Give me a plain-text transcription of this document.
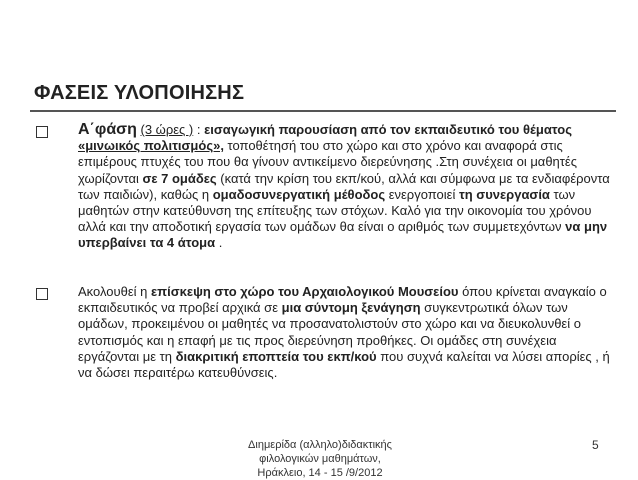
ΦΑΣΕΙΣ ΥΛΟΠΟΙΗΣΗΣ
Α΄φάση (3 ώρες ) : εισαγωγική παρουσίαση από τον εκπαιδευτικό του θέματος «μινωικός πολιτισμός», τοποθέτησή του στο χώρο και στο χρόνο και αναφορά στις επιμέρους πτυχές του που θα γίνουν αντικείμενο διερεύνησης .Στη συνέχεια οι μαθητές χωρίζονται σε 7 ομάδες (κατά την κρίση του εκπ/κού, αλλά και σύμφωνα με τα ενδιαφέροντα των παιδιών), καθώς η ομαδοσυνεργατική μέθοδος ενεργοποιεί τη συνεργασία των μαθητών στην κατεύθυνση της επίτευξης των στόχων. Καλό για την οικονομία του χρόνου αλλά και την αποδοτική εργασία των ομάδων θα είναι ο αριθμός των συμμετεχόντων να μην υπερβαίνει τα 4 άτομα .
Ακολουθεί η επίσκεψη στο χώρο του Αρχαιολογικού Μουσείου όπου κρίνεται αναγκαίο ο εκπαιδευτικός να προβεί αρχικά σε μια σύντομη ξενάγηση συγκεντρωτικά όλων των ομάδων, προκειμένου οι μαθητές να προσανατολιστούν στο χώρο και να διευκολυνθεί ο εντοπισμός και η επαφή με τις προς διερεύνηση προθήκες. Οι ομάδες στη συνέχεια εργάζονται με τη διακριτική εποπτεία του εκπ/κού που συχνά καλείται να λύσει απορίες , ή να δώσει περαιτέρω κατευθύνσεις.
Διημερίδα (αλληλο)διδακτικής
φιλολογικών μαθημάτων,
Ηράκλειο, 14 - 15 /9/2012
5
